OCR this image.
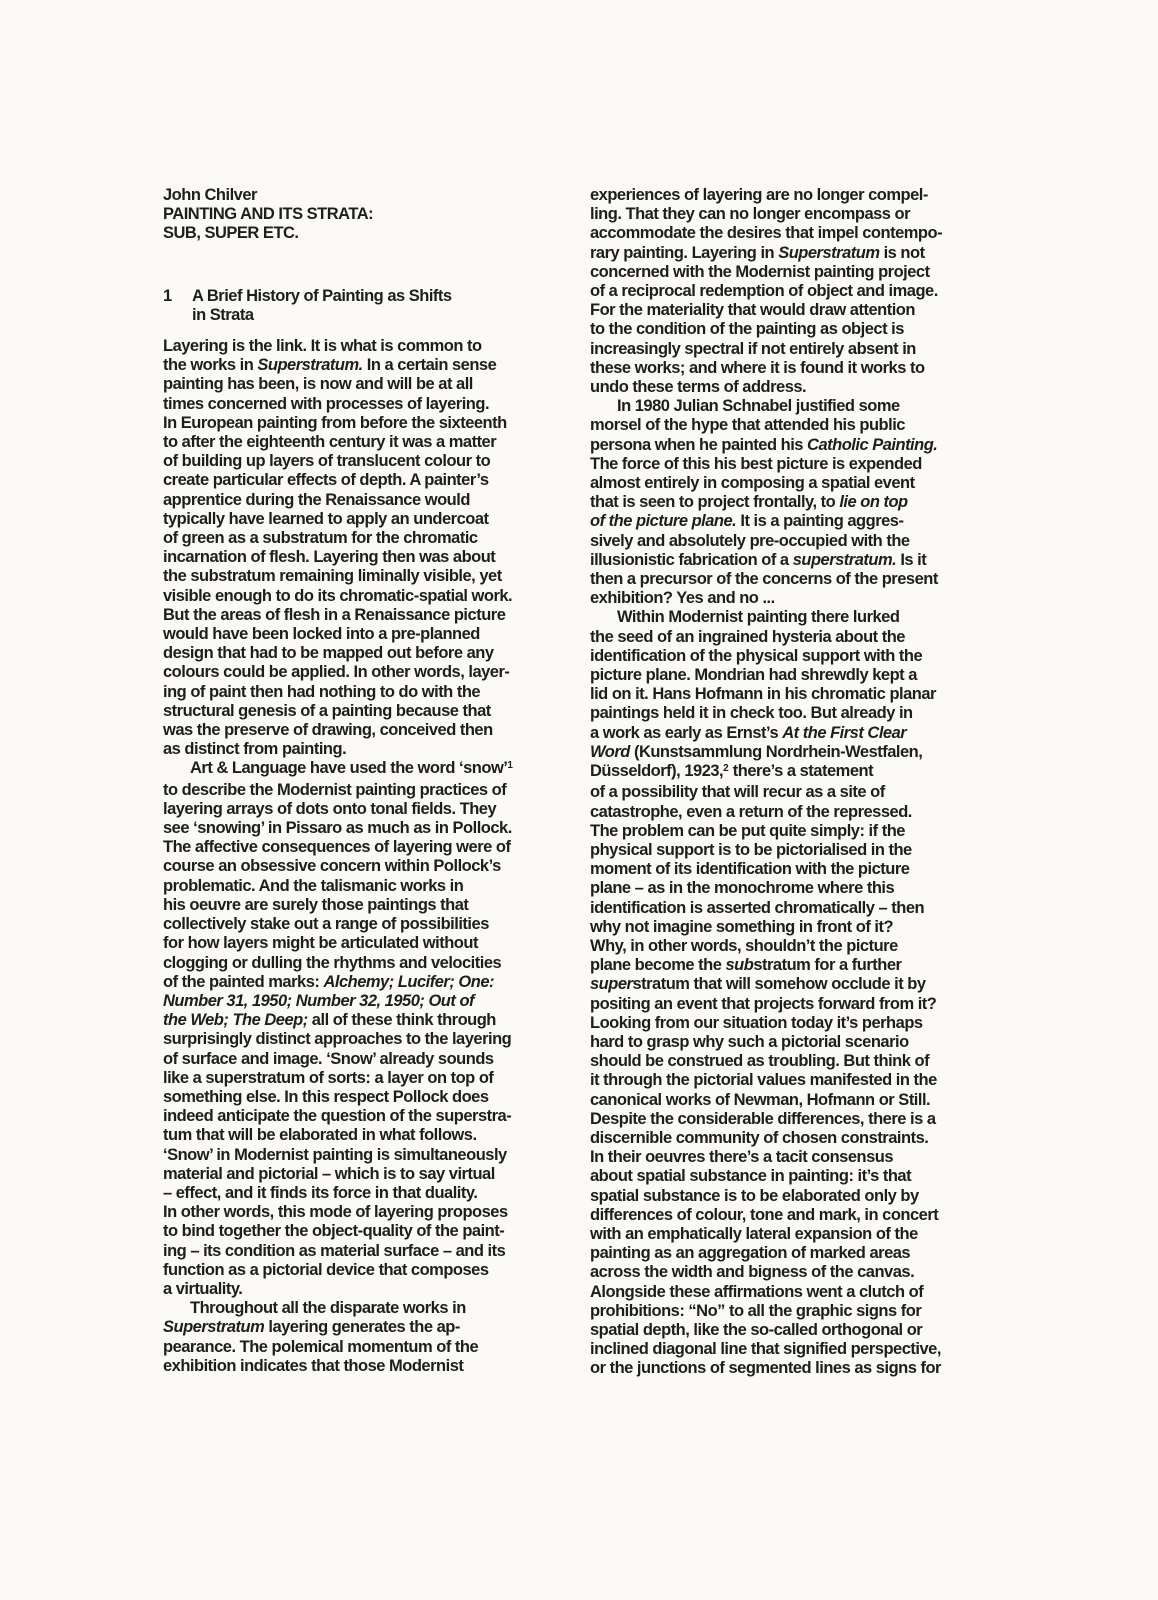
John Chilver
PAINTING AND ITS STRATA:
SUB, SUPER ETC.
1	A Brief History of Painting as Shifts
in Strata
Layering is the link. It is what is common to
the works in Superstratum. In a certain sense
painting has been, is now and will be at all
times concerned with processes of layering.
In European painting from before the sixteenth
to after the eighteenth century it was a matter
of building up layers of translucent colour to
create particular effects of depth. A painter’s
apprentice during the Renaissance would
typically have learned to apply an undercoat
of green as a substratum for the chromatic
incarnation of flesh. Layering then was about
the substratum remaining liminally visible, yet
visible enough to do its chromatic-spatial work.
But the areas of flesh in a Renaissance picture
would have been locked into a pre-planned
design that had to be mapped out before any
colours could be applied. In other words, layer-
ing of paint then had nothing to do with the
structural genesis of a painting because that
was the preserve of drawing, conceived then
as distinct from painting.
Art & Language have used the word ‘snow’$^1$
to describe the Modernist painting practices of
layering arrays of dots onto tonal fields. They
see ‘snowing’ in Pissaro as much as in Pollock.
The affective consequences of layering were of
course an obsessive concern within Pollock’s
problematic. And the talismanic works in
his oeuvre are surely those paintings that
collectively stake out a range of possibilities
for how layers might be articulated without
clogging or dulling the rhythms and velocities
of the painted marks: Alchemy; Lucifer; One:
Number 31, 1950; Number 32, 1950; Out of
the Web; The Deep; all of these think through
surprisingly distinct approaches to the layering
of surface and image. ‘Snow’ already sounds
like a superstratum of sorts: a layer on top of
something else. In this respect Pollock does
indeed anticipate the question of the superstra-
tum that will be elaborated in what follows.
‘Snow’ in Modernist painting is simultaneously
material and pictorial – which is to say virtual
– effect, and it finds its force in that duality.
In other words, this mode of layering proposes
to bind together the object-quality of the paint-
ing – its condition as material surface – and its
function as a pictorial device that composes
a virtuality.
Throughout all the disparate works in
Superstratum layering generates the ap-
pearance. The polemical momentum of the
exhibition indicates that those Modernist
experiences of layering are no longer compel-
ling. That they can no longer encompass or
accommodate the desires that impel contempo-
rary painting. Layering in Superstratum is not
concerned with the Modernist painting project
of a reciprocal redemption of object and image.
For the materiality that would draw attention
to the condition of the painting as object is
increasingly spectral if not entirely absent in
these works; and where it is found it works to
undo these terms of address.
In 1980 Julian Schnabel justified some
morsel of the hype that attended his public
persona when he painted his Catholic Painting.
The force of this his best picture is expended
almost entirely in composing a spatial event
that is seen to project frontally, to lie on top
of the picture plane. It is a painting aggres-
sively and absolutely pre-occupied with the
illusionistic fabrication of a superstratum. Is it
then a precursor of the concerns of the present
exhibition? Yes and no ...
Within Modernist painting there lurked
the seed of an ingrained hysteria about the
identification of the physical support with the
picture plane. Mondrian had shrewdly kept a
lid on it. Hans Hofmann in his chromatic planar
paintings held it in check too. But already in
a work as early as Ernst’s At the First Clear
Word (Kunstsammlung Nordrhein-Westfalen,
Düsseldorf), 1923,$^2$ there’s a statement
of a possibility that will recur as a site of
catastrophe, even a return of the repressed.
The problem can be put quite simply: if the
physical support is to be pictorialised in the
moment of its identification with the picture
plane – as in the monochrome where this
identification is asserted chromatically – then
why not imagine something in front of it?
Why, in other words, shouldn’t the picture
plane become the substratum for a further
superstratum that will somehow occlude it by
positing an event that projects forward from it?
Looking from our situation today it’s perhaps
hard to grasp why such a pictorial scenario
should be construed as troubling. But think of
it through the pictorial values manifested in the
canonical works of Newman, Hofmann or Still.
Despite the considerable differences, there is a
discernible community of chosen constraints.
In their oeuvres there’s a tacit consensus
about spatial substance in painting: it’s that
spatial substance is to be elaborated only by
differences of colour, tone and mark, in concert
with an emphatically lateral expansion of the
painting as an aggregation of marked areas
across the width and bigness of the canvas.
Alongside these affirmations went a clutch of
prohibitions: “No” to all the graphic signs for
spatial depth, like the so-called orthogonal or
inclined diagonal line that signified perspective,
or the junctions of segmented lines as signs for
